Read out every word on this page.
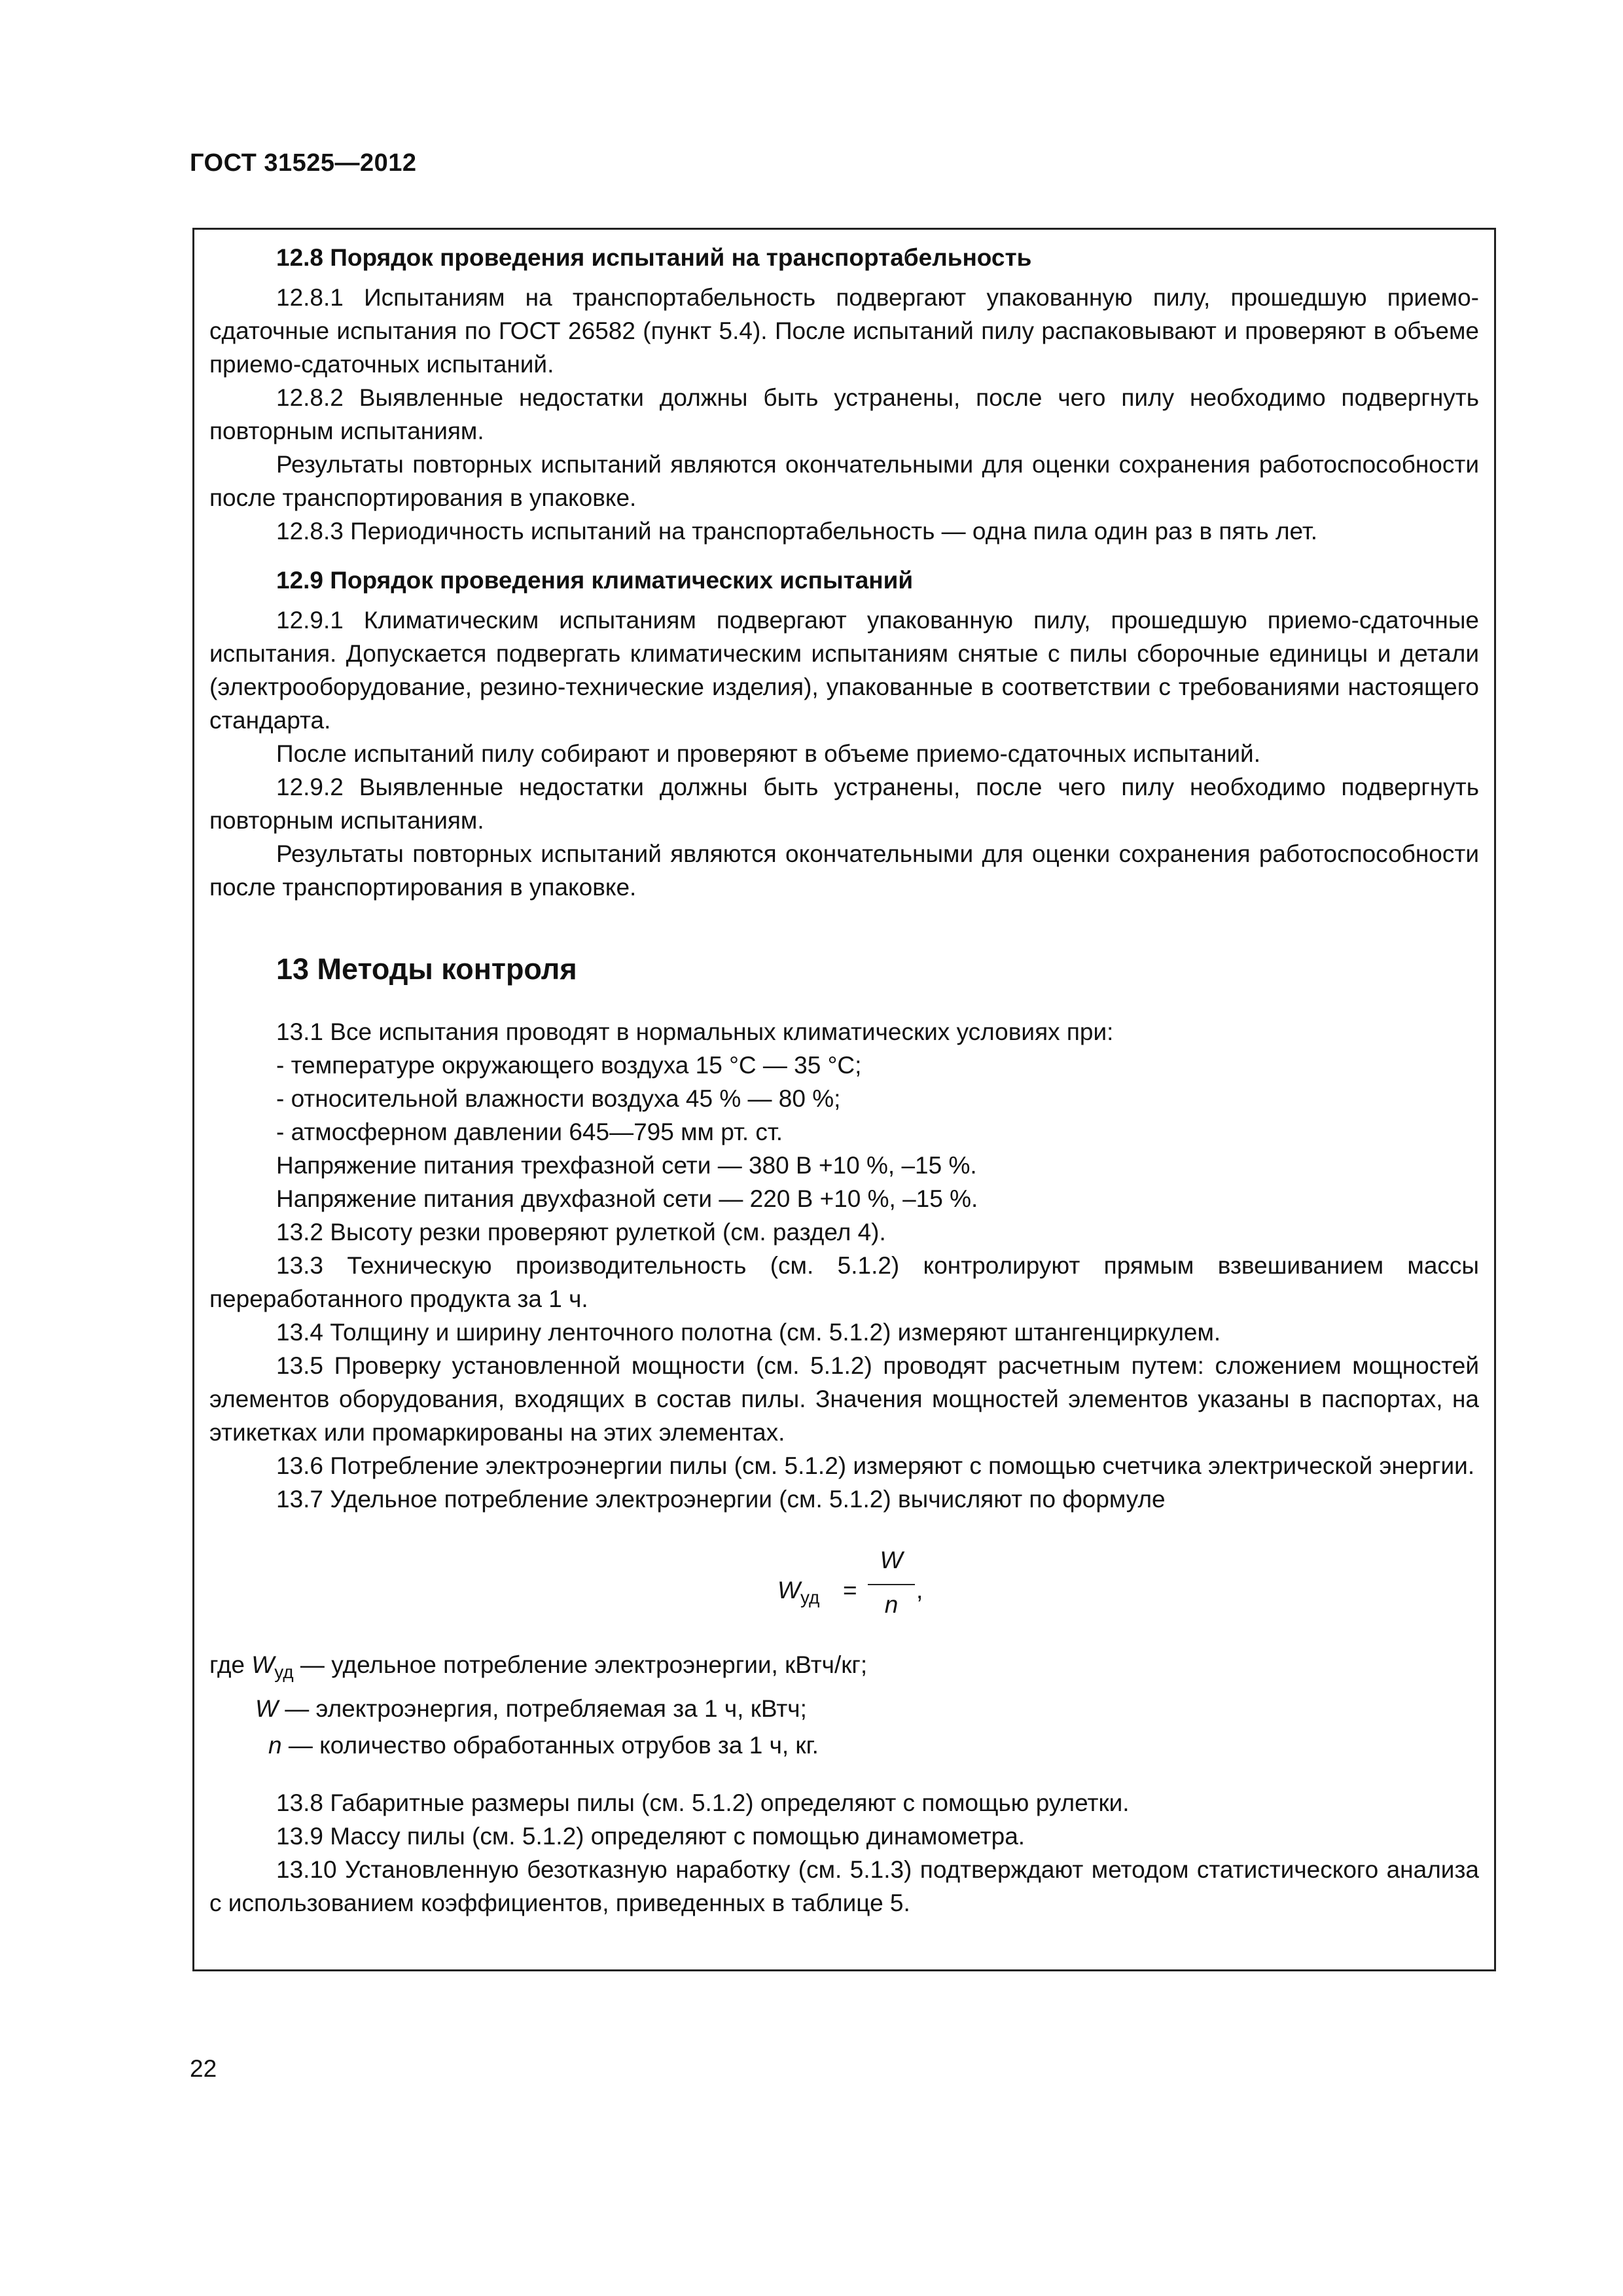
ГОСТ 31525—2012

12.8 Порядок проведения испытаний на транспортабельность

12.8.1 Испытаниям на транспортабельность подвергают упакованную пилу, прошедшую приемо-сдаточные испытания по ГОСТ 26582 (пункт 5.4). После испытаний пилу распаковывают и проверяют в объеме приемо-сдаточных испытаний.

12.8.2 Выявленные недостатки должны быть устранены, после чего пилу необходимо подвергнуть повторным испытаниям.

Результаты повторных испытаний являются окончательными для оценки сохранения работоспособности после транспортирования в упаковке.

12.8.3 Периодичность испытаний на транспортабельность — одна пила один раз в пять лет.

12.9 Порядок проведения климатических испытаний

12.9.1 Климатическим испытаниям подвергают упакованную пилу, прошедшую приемо-сдаточные испытания. Допускается подвергать климатическим испытаниям снятые с пилы сборочные единицы и детали (электрооборудование, резино-технические изделия), упакованные в соответствии с требованиями настоящего стандарта.

После испытаний пилу собирают и проверяют в объеме приемо-сдаточных испытаний.

12.9.2 Выявленные недостатки должны быть устранены, после чего пилу необходимо подвергнуть повторным испытаниям.

Результаты повторных испытаний являются окончательными для оценки сохранения работоспособности после транспортирования в упаковке.

13 Методы контроля

13.1 Все испытания проводят в нормальных климатических условиях при:

- температуре окружающего воздуха 15 °С — 35 °С;

- относительной влажности воздуха 45 % — 80 %;

- атмосферном давлении 645—795 мм рт. ст.

Напряжение питания трехфазной сети — 380 В +10 %, –15 %.

Напряжение питания двухфазной сети — 220 В +10 %, –15 %.

13.2 Высоту резки проверяют рулеткой (см. раздел 4).

13.3 Техническую производительность (см. 5.1.2) контролируют прямым взвешиванием массы переработанного продукта за 1 ч.

13.4 Толщину и ширину ленточного полотна (см. 5.1.2) измеряют штангенциркулем.

13.5 Проверку установленной мощности (см. 5.1.2) проводят расчетным путем: сложением мощностей элементов оборудования, входящих в состав пилы. Значения мощностей элементов указаны в паспортах, на этикетках или промаркированы на этих элементах.

13.6 Потребление электроэнергии пилы (см. 5.1.2) измеряют с помощью счетчика электрической энергии.

13.7 Удельное потребление электроэнергии (см. 5.1.2) вычисляют по формуле

$W_{уд}$ =
W
n
,

где $W_{уд}$ — удельное потребление электроэнергии, кВтч/кг;

W — электроэнергия, потребляемая за 1 ч, кВтч;

n — количество обработанных отрубов за 1 ч, кг.

13.8 Габаритные размеры пилы (см. 5.1.2) определяют с помощью рулетки.

13.9 Массу пилы (см. 5.1.2) определяют с помощью динамометра.

13.10 Установленную безотказную наработку (см. 5.1.3) подтверждают методом статистического анализа с использованием коэффициентов, приведенных в таблице 5.

22
